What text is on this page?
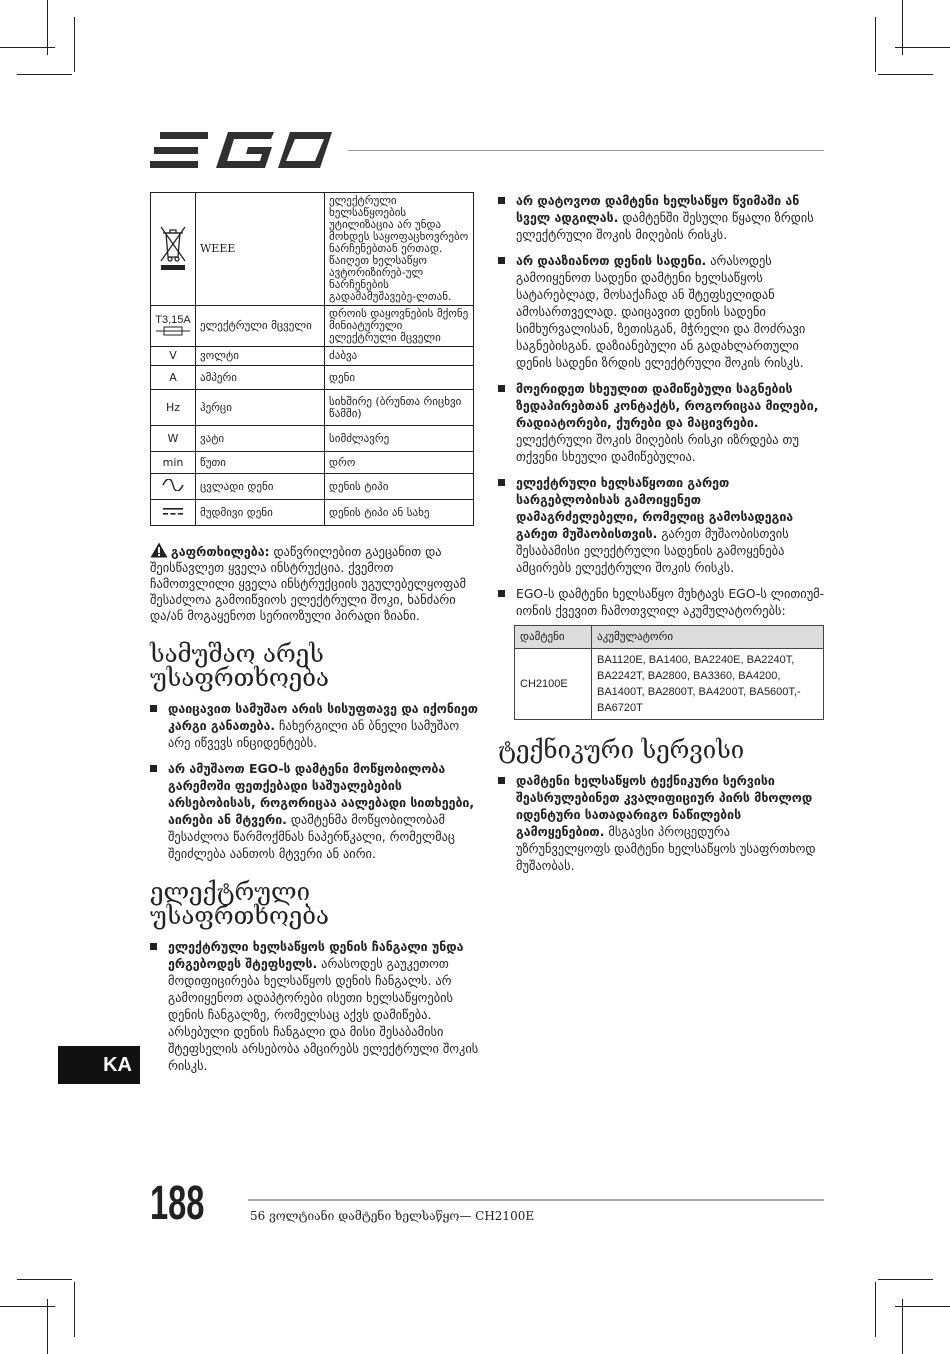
	WEEE	ელექტრული ხელსაწყოების უტილიზაცია არ უნდა მოხდეს საყოფაცხოვრებო ნარჩენებთან ერთად. წაიღეთ ხელსაწყო ავტორიზირებ-ულ ნარჩენების გადამამუშავებე-ლთან.
T3,15A	ელექტრული მცველი	დროის დაყოვნების მქონე მინიატურული ელექტრული მცველი
V	ვოლტი	ძაბვა
A	ამპერი	დენი
Hz	ჰერცი	სიხშირე (ბრუნთა რიცხვი წამში)
W	ვატი	სიმძლავრე
min	წუთი	დრო
	ცვლადი დენი	დენის ტიპი
	მუდმივი დენი	დენის ტიპი ან სახე
გაფრთხილება: დაწვრილებით გაეცანით და შეისწავლეთ ყველა ინსტრუქცია. ქვემოთ ჩამოთვლილი ყველა ინსტრუქციის უგულებელყოფამ შესაძლოა გამოიწვიოს ელექტრული შოკი, ხანძარი და/ან მოგაყენოთ სერიოზული პირადი ზიანი.
სამუშაო არეს უსაფრთხოება
დაიცავით სამუშაო არის სისუფთავე და იქონიეთ კარგი განათება. ჩახერგილი ან ბნელი სამუშაო არე იწვევს ინციდენტებს.
არ ამუშაოთ EGO-ს დამტენი მოწყობილობა გარემოში ფეთქებადი საშუალებების არსებობისას, როგორიცაა აალებადი სითხეები, აირები ან მტვერი. დამტენმა მოწყობილობამ შესაძლოა წარმოქმნას ნაპერწკალი, რომელმაც შეიძლება აანთოს მტვერი ან აირი.
ელექტრული უსაფრთხოება
ელექტრული ხელსაწყოს დენის ჩანგალი უნდა ერგებოდეს შტეფსელს. არასოდეს გაუკეთოთ მოდიფიცირება ხელსაწყოს დენის ჩანგალს. არ გამოიყენოთ ადაპტორები ისეთი ხელსაწყოების დენის ჩანგალზე, რომელსაც აქვს დამიწება. არსებული დენის ჩანგალი და მისი შესაბამისი შტეფსელის არსებობა ამცირებს ელექტრული შოკის რისკს.
არ დატოვოთ დამტენი ხელსაწყო წვიმაში ან სველ ადგილას. დამტენში შესული წყალი ზრდის ელექტრული შოკის მიღების რისკს.
არ დააზიანოთ დენის სადენი. არასოდეს გამოიყენოთ სადენი დამტენი ხელსაწყოს სატარებლად, მოსაქაჩად ან შტეფსელიდან ამოსართველად. დაიცავით დენის სადენი სიმხურვალისან, ზეთისგან, მჭრელი და მოძრავი საგნებისგან. დაზიანებული ან გადახლართული დენის სადენი ზრდის ელექტრული შოკის რისკს.
მოერიდეთ სხეულით დამიწებული საგნების ზედაპირებთან კონტაქტს, როგორიცაა მილები, რადიატორები, ქურები და მაცივრები. ელექტრული შოკის მიღების რისკი იზრდება თუ თქვენი სხეული დამიწებულია.
ელექტრული ხელსაწყოთი გარეთ სარგებლობისას გამოიყენეთ დამაგრძელებელი, რომელიც გამოსადეგია გარეთ მუშაობისთვის. გარეთ მუშაობისთვის შესაბამისი ელექტრული სადენის გამოყენება ამცირებს ელექტრული შოკის რისკს.
EGO-ს დამტენი ხელსაწყო მუხტავს EGO-ს ლითიუმ-იონის ქვევით ჩამოთვლილ აკუმულატორებს:
დამტენი	აკუმულატორი
CH2100E	BA1120E, BA1400, BA2240E, BA2240T, BA2242T, BA2800, BA3360, BA4200, BA1400T, BA2800T, BA4200T, BA5600T,-BA6720T
ტექნიკური სერვისი
დამტენი ხელსაწყოს ტექნიკური სერვისი შეასრულებინეთ კვალიფიციურ პირს მხოლოდ იდენტური სათადარიგო ნაწილების გამოყენებით. მსგავსი პროცედურა უზრუნველყოფს დამტენი ხელსაწყოს უსაფრთხოდ მუშაობას.
KA
188	56 ვოლტიანი დამტენი ხელსაწყო— CH2100E
